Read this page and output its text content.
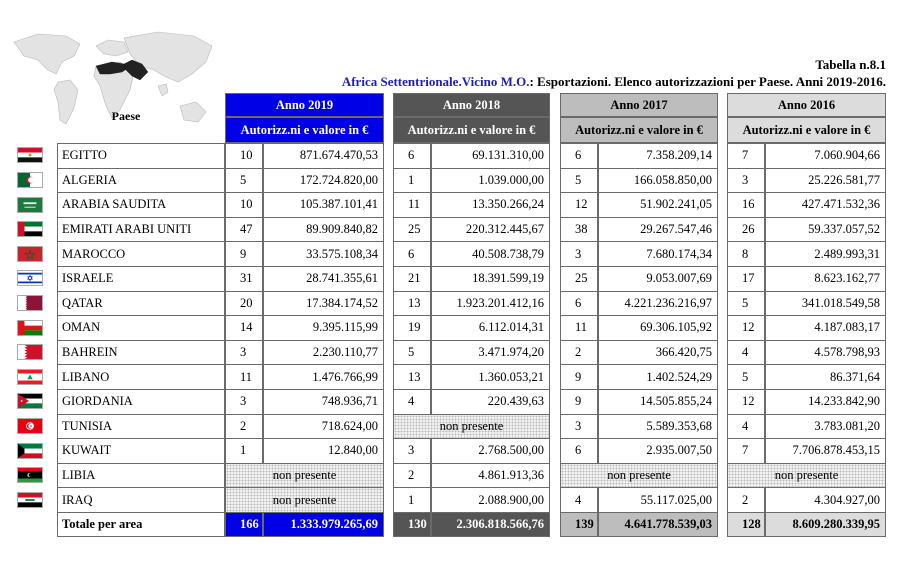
Paese
Tabella n.8.1
Africa Settentrionale.Vicino M.O.: Esportazioni. Elenco autorizzazioni per Paese. Anni 2019-2016.
Anno 2019
Autorizz.ni e valore in €
Anno 2018
Autorizz.ni e valore in €
Anno 2017
Autorizz.ni e valore in €
Anno 2016
Autorizz.ni e valore in €
EGITTO	10	871.674.470,53	6	69.131.310,00	6	7.358.209,14	7	7.060.904,66
ALGERIA	5	172.724.820,00	1	1.039.000,00	5	166.058.850,00	3	25.226.581,77
ARABIA SAUDITA	10	105.387.101,41	11	13.350.266,24	12	51.902.241,05	16	427.471.532,36
EMIRATI ARABI UNITI	47	89.909.840,82	25	220.312.445,67	38	29.267.547,46	26	59.337.057,52
MAROCCO	9	33.575.108,34	6	40.508.738,79	3	7.680.174,34	8	2.489.993,31
ISRAELE	31	28.741.355,61	21	18.391.599,19	25	9.053.007,69	17	8.623.162,77
QATAR	20	17.384.174,52	13	1.923.201.412,16	6	4.221.236.216,97	5	341.018.549,58
OMAN	14	9.395.115,99	19	6.112.014,31	11	69.306.105,92	12	4.187.083,17
BAHREIN	3	2.230.110,77	5	3.471.974,20	2	366.420,75	4	4.578.798,93
LIBANO	11	1.476.766,99	13	1.360.053,21	9	1.402.524,29	5	86.371,64
GIORDANIA	3	748.936,71	4	220.439,63	9	14.505.855,24	12	14.233.842,90
TUNISIA	2	718.624,00	non presente	3	5.589.353,68	4	3.783.081,20
KUWAIT	1	12.840,00	3	2.768.500,00	6	2.935.007,50	7	7.706.878.453,15
LIBIA	non presente	2	4.861.913,36	non presente	non presente
IRAQ	non presente	1	2.088.900,00	4	55.117.025,00	2	4.304.927,00
Totale per area	166	1.333.979.265,69	130	2.306.818.566,76	139	4.641.778.539,03	128	8.609.280.339,95
